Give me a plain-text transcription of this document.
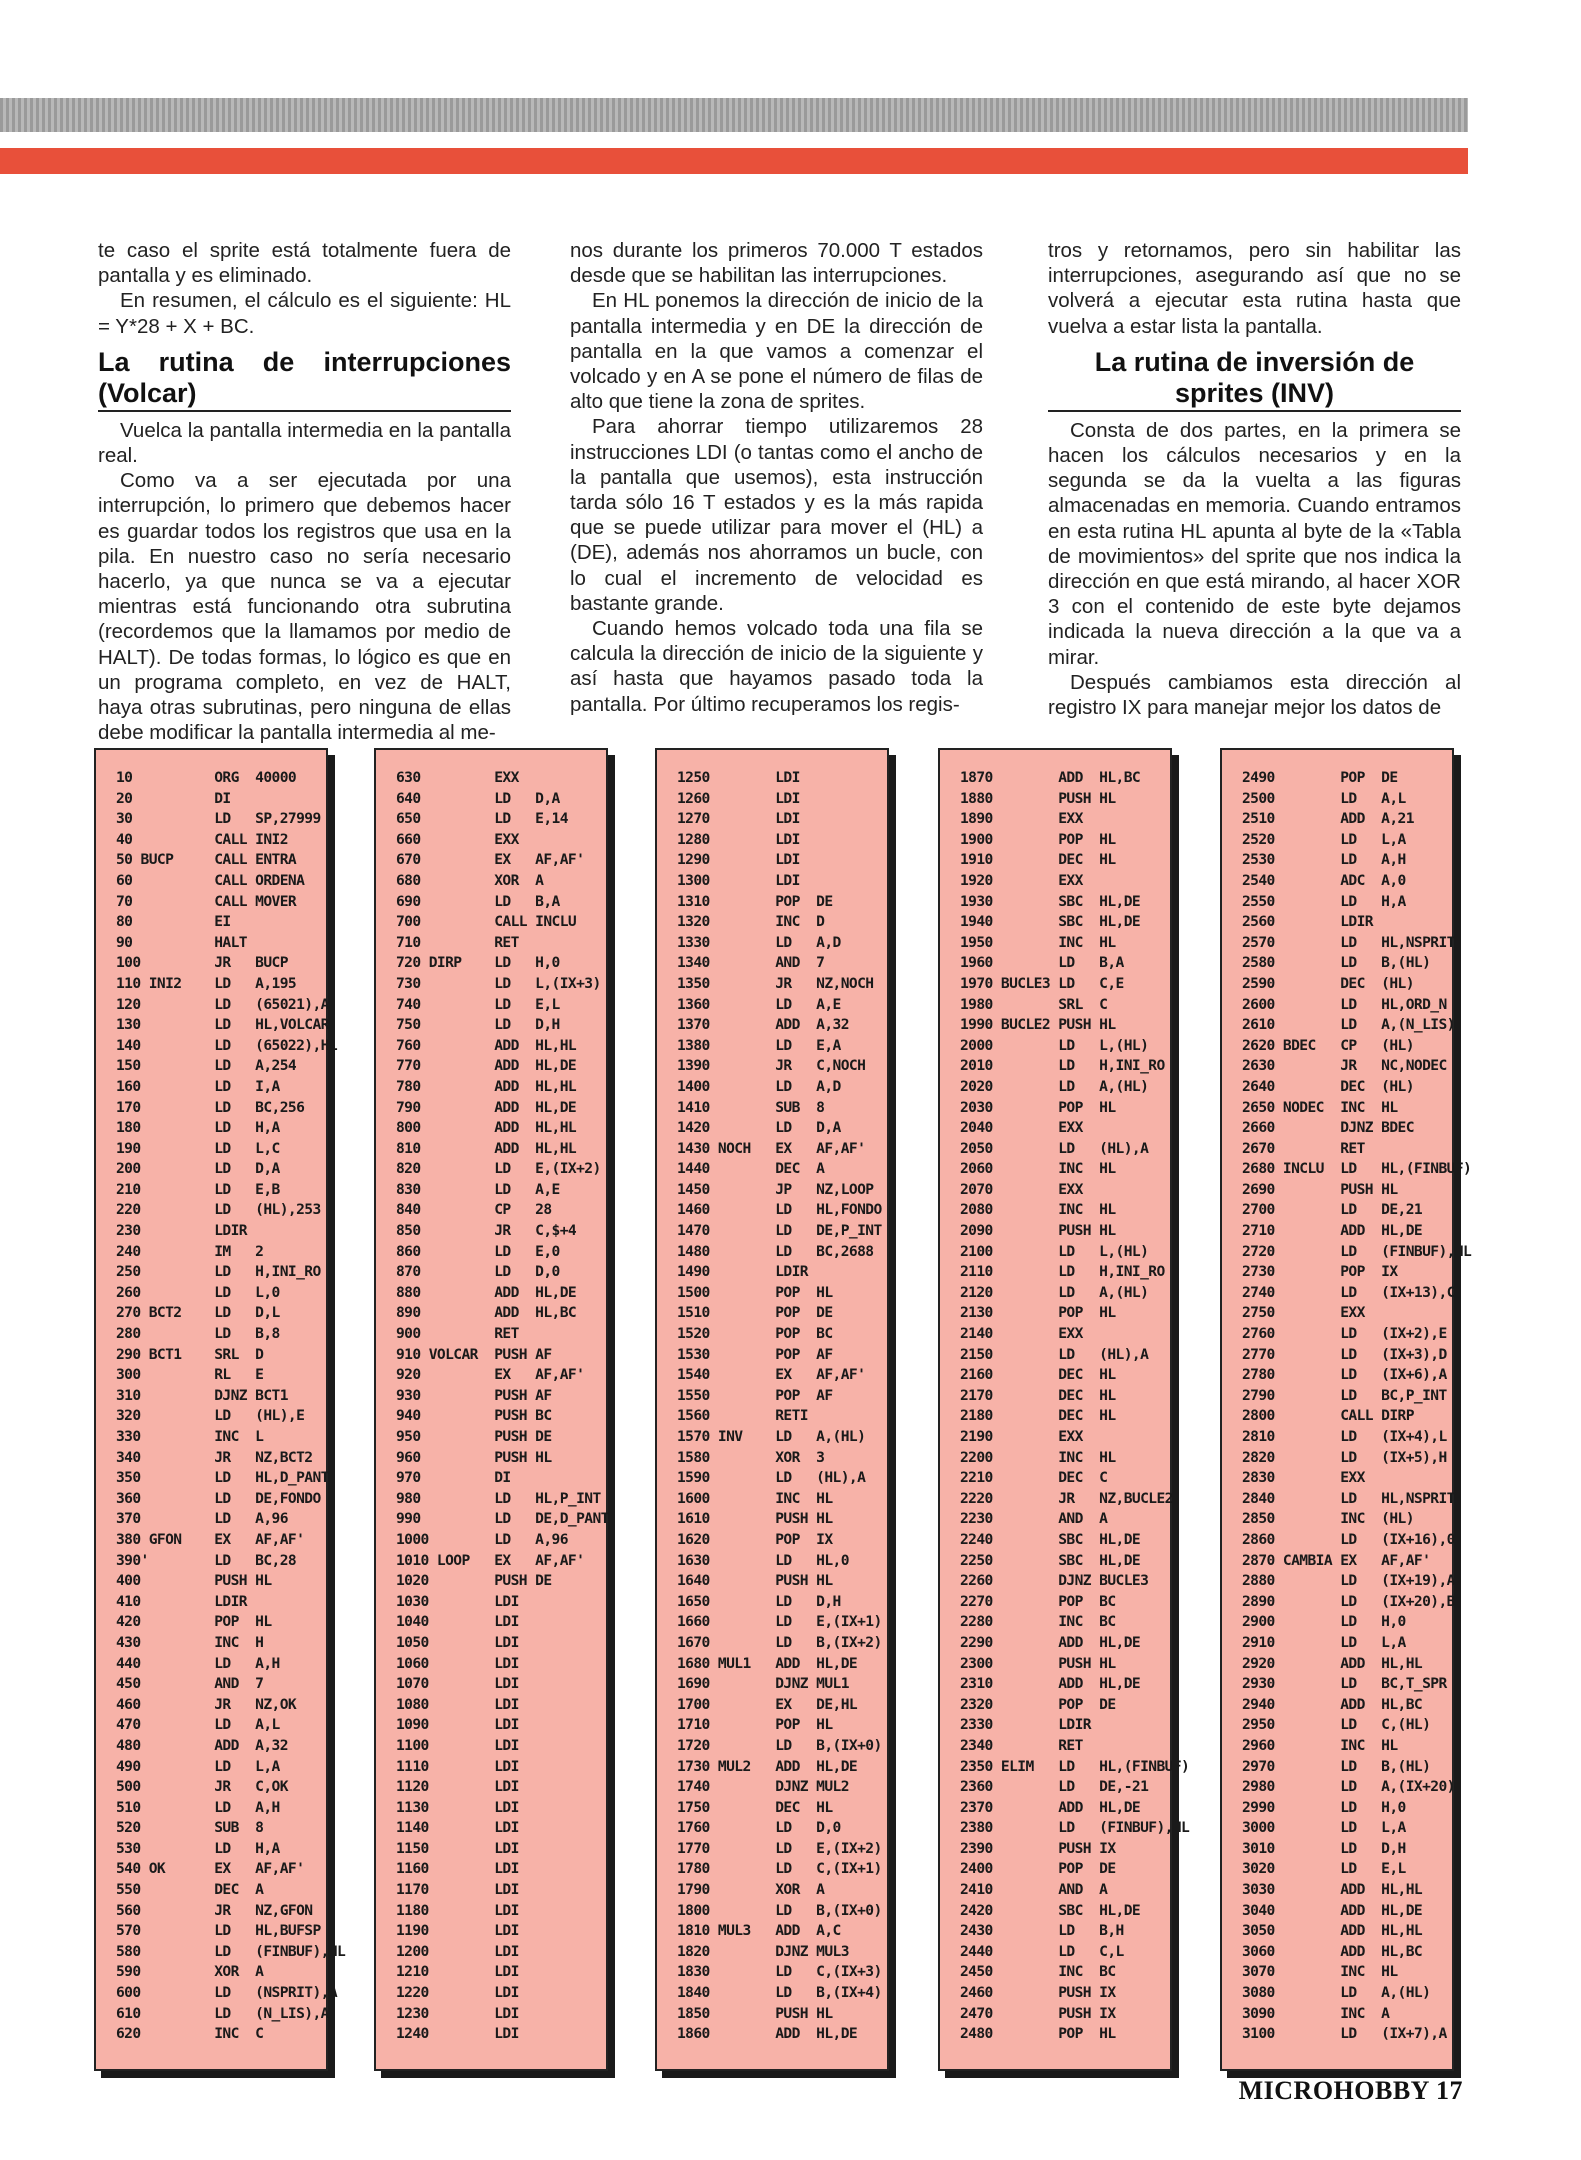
te caso el sprite está totalmente fuera de pantalla y es eliminado.

En resumen, el cálculo es el siguiente: HL = Y*28 + X + BC.

La rutina de interrupciones (Volcar)

Vuelca la pantalla intermedia en la pantalla real.

Como va a ser ejecutada por una interrupción, lo primero que debemos hacer es guardar todos los registros que usa en la pila. En nuestro caso no sería necesario hacerlo, ya que nunca se va a ejecutar mientras está funcionando otra subrutina (recordemos que la llamamos por medio de HALT). De todas formas, lo lógico es que en un programa completo, en vez de HALT, haya otras subrutinas, pero ninguna de ellas debe modificar la pantalla intermedia al me-

nos durante los primeros 70.000 T estados desde que se habilitan las interrupciones.

En HL ponemos la dirección de inicio de la pantalla intermedia y en DE la dirección de pantalla en la que vamos a comenzar el volcado y en A se pone el número de filas de alto que tiene la zona de sprites.

Para ahorrar tiempo utilizaremos 28 instrucciones LDI (o tantas como el ancho de la pantalla que usemos), esta instrucción tarda sólo 16 T estados y es la más rapida que se puede utilizar para mover el (HL) a (DE), además nos ahorramos un bucle, con lo cual el incremento de velocidad es bastante grande.

Cuando hemos volcado toda una fila se calcula la dirección de inicio de la siguiente y así hasta que hayamos pasado toda la pantalla. Por último recuperamos los regis-

tros y retornamos, pero sin habilitar las interrupciones, asegurando así que no se volverá a ejecutar esta rutina hasta que vuelva a estar lista la pantalla.

La rutina de inversión de sprites (INV)

Consta de dos partes, en la primera se hacen los cálculos necesarios y en la segunda se da la vuelta a las figuras almacenadas en memoria. Cuando entramos en esta rutina HL apunta al byte de la «Tabla de movimientos» del sprite que nos indica la dirección en que está mirando, al hacer XOR 3 con el contenido de este byte dejamos indicada la nueva dirección a la que va a mirar.

Después cambiamos esta dirección al registro IX para manejar mejor los datos de

10          ORG  40000
20          DI
30          LD   SP,27999
40          CALL INI2
50 BUCP     CALL ENTRA
60          CALL ORDENA
70          CALL MOVER
80          EI
90          HALT
100         JR   BUCP
110 INI2    LD   A,195
120         LD   (65021),A
130         LD   HL,VOLCAR
140         LD   (65022),HL
150         LD   A,254
160         LD   I,A
170         LD   BC,256
180         LD   H,A
190         LD   L,C
200         LD   D,A
210         LD   E,B
220         LD   (HL),253
230         LDIR
240         IM   2
250         LD   H,INI_RO
260         LD   L,0
270 BCT2    LD   D,L
280         LD   B,8
290 BCT1    SRL  D
300         RL   E
310         DJNZ BCT1
320         LD   (HL),E
330         INC  L
340         JR   NZ,BCT2
350         LD   HL,D_PANT
360         LD   DE,FONDO
370         LD   A,96
380 GFON    EX   AF,AF'
390'        LD   BC,28
400         PUSH HL
410         LDIR
420         POP  HL
430         INC  H
440         LD   A,H
450         AND  7
460         JR   NZ,OK
470         LD   A,L
480         ADD  A,32
490         LD   L,A
500         JR   C,OK
510         LD   A,H
520         SUB  8
530         LD   H,A
540 OK      EX   AF,AF'
550         DEC  A
560         JR   NZ,GFON
570         LD   HL,BUFSP
580         LD   (FINBUF),HL
590         XOR  A
600         LD   (NSPRIT),A
610         LD   (N_LIS),A
620         INC  C
630         EXX
640         LD   D,A
650         LD   E,14
660         EXX
670         EX   AF,AF'
680         XOR  A
690         LD   B,A
700         CALL INCLU
710         RET
720 DIRP    LD   H,0
730         LD   L,(IX+3)
740         LD   E,L
750         LD   D,H
760         ADD  HL,HL
770         ADD  HL,DE
780         ADD  HL,HL
790         ADD  HL,DE
800         ADD  HL,HL
810         ADD  HL,HL
820         LD   E,(IX+2)
830         LD   A,E
840         CP   28
850         JR   C,$+4
860         LD   E,0
870         LD   D,0
880         ADD  HL,DE
890         ADD  HL,BC
900         RET
910 VOLCAR  PUSH AF
920         EX   AF,AF'
930         PUSH AF
940         PUSH BC
950         PUSH DE
960         PUSH HL
970         DI
980         LD   HL,P_INT
990         LD   DE,D_PANT
1000        LD   A,96
1010 LOOP   EX   AF,AF'
1020        PUSH DE
1030        LDI
1040        LDI
1050        LDI
1060        LDI
1070        LDI
1080        LDI
1090        LDI
1100        LDI
1110        LDI
1120        LDI
1130        LDI
1140        LDI
1150        LDI
1160        LDI
1170        LDI
1180        LDI
1190        LDI
1200        LDI
1210        LDI
1220        LDI
1230        LDI
1240        LDI
1250        LDI
1260        LDI
1270        LDI
1280        LDI
1290        LDI
1300        LDI
1310        POP  DE
1320        INC  D
1330        LD   A,D
1340        AND  7
1350        JR   NZ,NOCH
1360        LD   A,E
1370        ADD  A,32
1380        LD   E,A
1390        JR   C,NOCH
1400        LD   A,D
1410        SUB  8
1420        LD   D,A
1430 NOCH   EX   AF,AF'
1440        DEC  A
1450        JP   NZ,LOOP
1460        LD   HL,FONDO
1470        LD   DE,P_INT
1480        LD   BC,2688
1490        LDIR
1500        POP  HL
1510        POP  DE
1520        POP  BC
1530        POP  AF
1540        EX   AF,AF'
1550        POP  AF
1560        RETI
1570 INV    LD   A,(HL)
1580        XOR  3
1590        LD   (HL),A
1600        INC  HL
1610        PUSH HL
1620        POP  IX
1630        LD   HL,0
1640        PUSH HL
1650        LD   D,H
1660        LD   E,(IX+1)
1670        LD   B,(IX+2)
1680 MUL1   ADD  HL,DE
1690        DJNZ MUL1
1700        EX   DE,HL
1710        POP  HL
1720        LD   B,(IX+0)
1730 MUL2   ADD  HL,DE
1740        DJNZ MUL2
1750        DEC  HL
1760        LD   D,0
1770        LD   E,(IX+2)
1780        LD   C,(IX+1)
1790        XOR  A
1800        LD   B,(IX+0)
1810 MUL3   ADD  A,C
1820        DJNZ MUL3
1830        LD   C,(IX+3)
1840        LD   B,(IX+4)
1850        PUSH HL
1860        ADD  HL,DE
1870        ADD  HL,BC
1880        PUSH HL
1890        EXX
1900        POP  HL
1910        DEC  HL
1920        EXX
1930        SBC  HL,DE
1940        SBC  HL,DE
1950        INC  HL
1960        LD   B,A
1970 BUCLE3 LD   C,E
1980        SRL  C
1990 BUCLE2 PUSH HL
2000        LD   L,(HL)
2010        LD   H,INI_RO
2020        LD   A,(HL)
2030        POP  HL
2040        EXX
2050        LD   (HL),A
2060        INC  HL
2070        EXX
2080        INC  HL
2090        PUSH HL
2100        LD   L,(HL)
2110        LD   H,INI_RO
2120        LD   A,(HL)
2130        POP  HL
2140        EXX
2150        LD   (HL),A
2160        DEC  HL
2170        DEC  HL
2180        DEC  HL
2190        EXX
2200        INC  HL
2210        DEC  C
2220        JR   NZ,BUCLE2
2230        AND  A
2240        SBC  HL,DE
2250        SBC  HL,DE
2260        DJNZ BUCLE3
2270        POP  BC
2280        INC  BC
2290        ADD  HL,DE
2300        PUSH HL
2310        ADD  HL,DE
2320        POP  DE
2330        LDIR
2340        RET
2350 ELIM   LD   HL,(FINBUF)
2360        LD   DE,-21
2370        ADD  HL,DE
2380        LD   (FINBUF),HL
2390        PUSH IX
2400        POP  DE
2410        AND  A
2420        SBC  HL,DE
2430        LD   B,H
2440        LD   C,L
2450        INC  BC
2460        PUSH IX
2470        PUSH IX
2480        POP  HL
2490        POP  DE
2500        LD   A,L
2510        ADD  A,21
2520        LD   L,A
2530        LD   A,H
2540        ADC  A,0
2550        LD   H,A
2560        LDIR
2570        LD   HL,NSPRIT
2580        LD   B,(HL)
2590        DEC  (HL)
2600        LD   HL,ORD_N
2610        LD   A,(N_LIS)
2620 BDEC   CP   (HL)
2630        JR   NC,NODEC
2640        DEC  (HL)
2650 NODEC  INC  HL
2660        DJNZ BDEC
2670        RET
2680 INCLU  LD   HL,(FINBUF)
2690        PUSH HL
2700        LD   DE,21
2710        ADD  HL,DE
2720        LD   (FINBUF),HL
2730        POP  IX
2740        LD   (IX+13),C
2750        EXX
2760        LD   (IX+2),E
2770        LD   (IX+3),D
2780        LD   (IX+6),A
2790        LD   BC,P_INT
2800        CALL DIRP
2810        LD   (IX+4),L
2820        LD   (IX+5),H
2830        EXX
2840        LD   HL,NSPRIT
2850        INC  (HL)
2860        LD   (IX+16),0
2870 CAMBIA EX   AF,AF'
2880        LD   (IX+19),A
2890        LD   (IX+20),B
2900        LD   H,0
2910        LD   L,A
2920        ADD  HL,HL
2930        LD   BC,T_SPR
2940        ADD  HL,BC
2950        LD   C,(HL)
2960        INC  HL
2970        LD   B,(HL)
2980        LD   A,(IX+20)
2990        LD   H,0
3000        LD   L,A
3010        LD   D,H
3020        LD   E,L
3030        ADD  HL,HL
3040        ADD  HL,DE
3050        ADD  HL,HL
3060        ADD  HL,BC
3070        INC  HL
3080        LD   A,(HL)
3090        INC  A
3100        LD   (IX+7),A
MICROHOBBY 17
